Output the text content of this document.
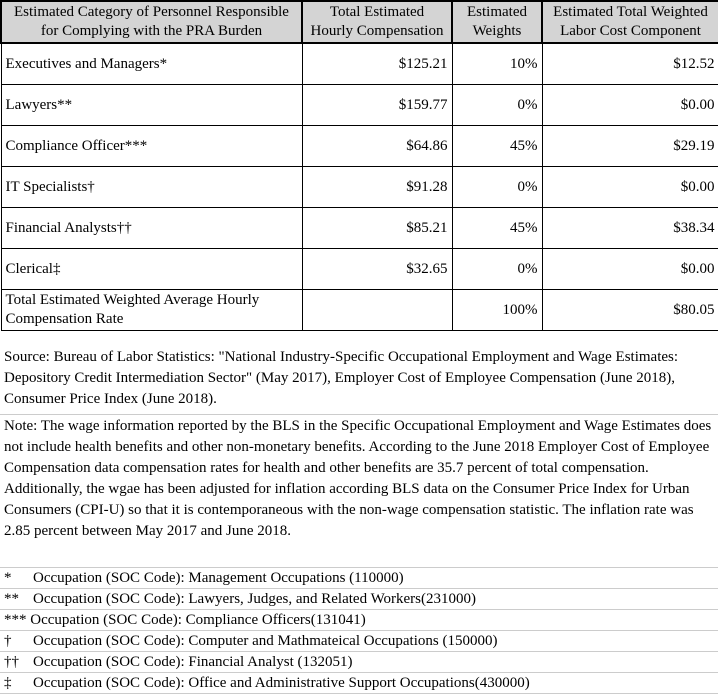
Estimated Category of Personnel Responsible for Complying with the PRA Burden	Total Estimated Hourly Compensation	Estimated Weights	Estimated Total Weighted Labor Cost Component
Executives and Managers*	$125.21	10%	$12.52
Lawyers**	$159.77	0%	$0.00
Compliance Officer***	$64.86	45%	$29.19
IT Specialists†	$91.28	0%	$0.00
Financial Analysts††	$85.21	45%	$38.34
Clerical‡	$32.65	0%	$0.00
Total Estimated Weighted Average Hourly Compensation Rate		100%	$80.05
Source: Bureau of Labor Statistics: "National Industry-Specific Occupational Employment and Wage Estimates: Depository Credit Intermediation Sector" (May 2017), Employer Cost of Employee Compensation (June 2018), Consumer Price Index (June 2018).
Note: The wage information reported by the BLS in the Specific Occupational Employment and Wage Estimates does not include health benefits and other non-monetary benefits. According to the June 2018 Employer Cost of Employee Compensation data compensation rates for health and other benefits are 35.7 percent of total compensation. Additionally, the wgae has been adjusted for inflation according BLS data on the Consumer Price Index for Urban Consumers (CPI-U) so that it is contemporaneous with the non-wage compensation statistic. The inflation rate was 2.85 percent between May 2017 and June 2018.
* Occupation (SOC Code): Management Occupations (110000)
** Occupation (SOC Code): Lawyers, Judges, and Related Workers(231000)
*** Occupation (SOC Code): Compliance Officers(131041)
† Occupation (SOC Code): Computer and Mathmateical Occupations (150000)
†† Occupation (SOC Code): Financial Analyst (132051)
‡ Occupation (SOC Code): Office and Administrative Support Occupations(430000)
